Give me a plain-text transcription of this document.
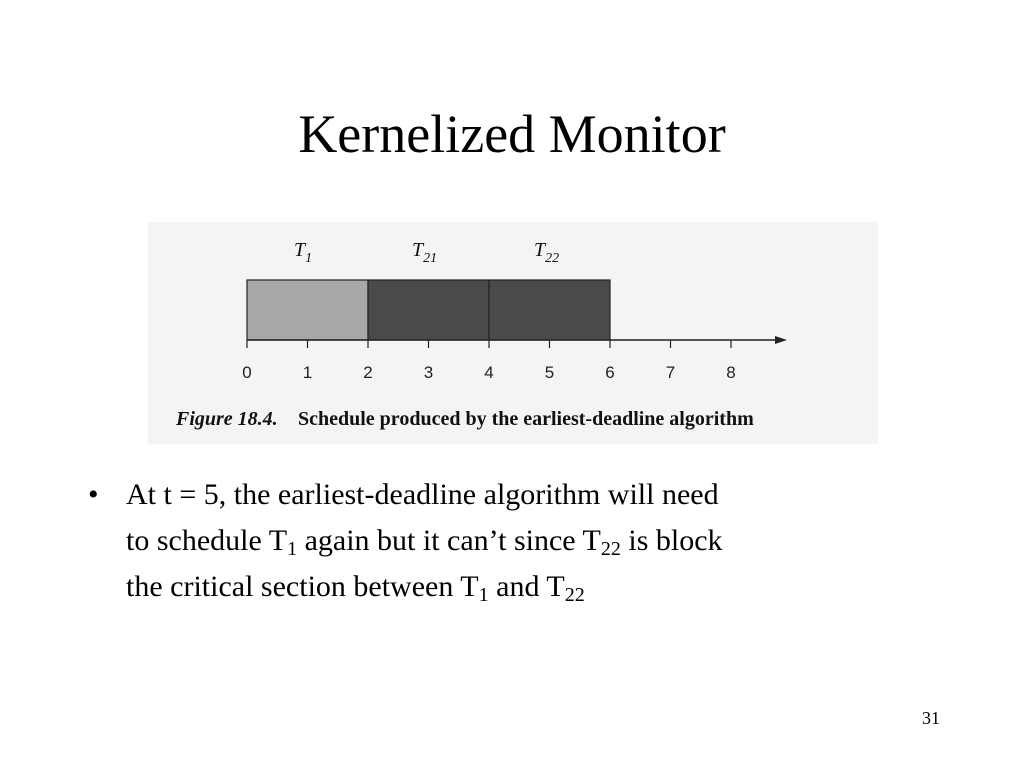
Kernelized Monitor
$T_1$	$T_{21}$	$T_{22}$
0	1	2	3	4	5	6	7	8
Figure 18.4. Schedule produced by the earliest-deadline algorithm
• At t = 5, the earliest-deadline algorithm will need
to schedule $T_1$ again but it can’t since $T_{22}$ is block
the critical section between $T_1$ and $T_{22}$
31
